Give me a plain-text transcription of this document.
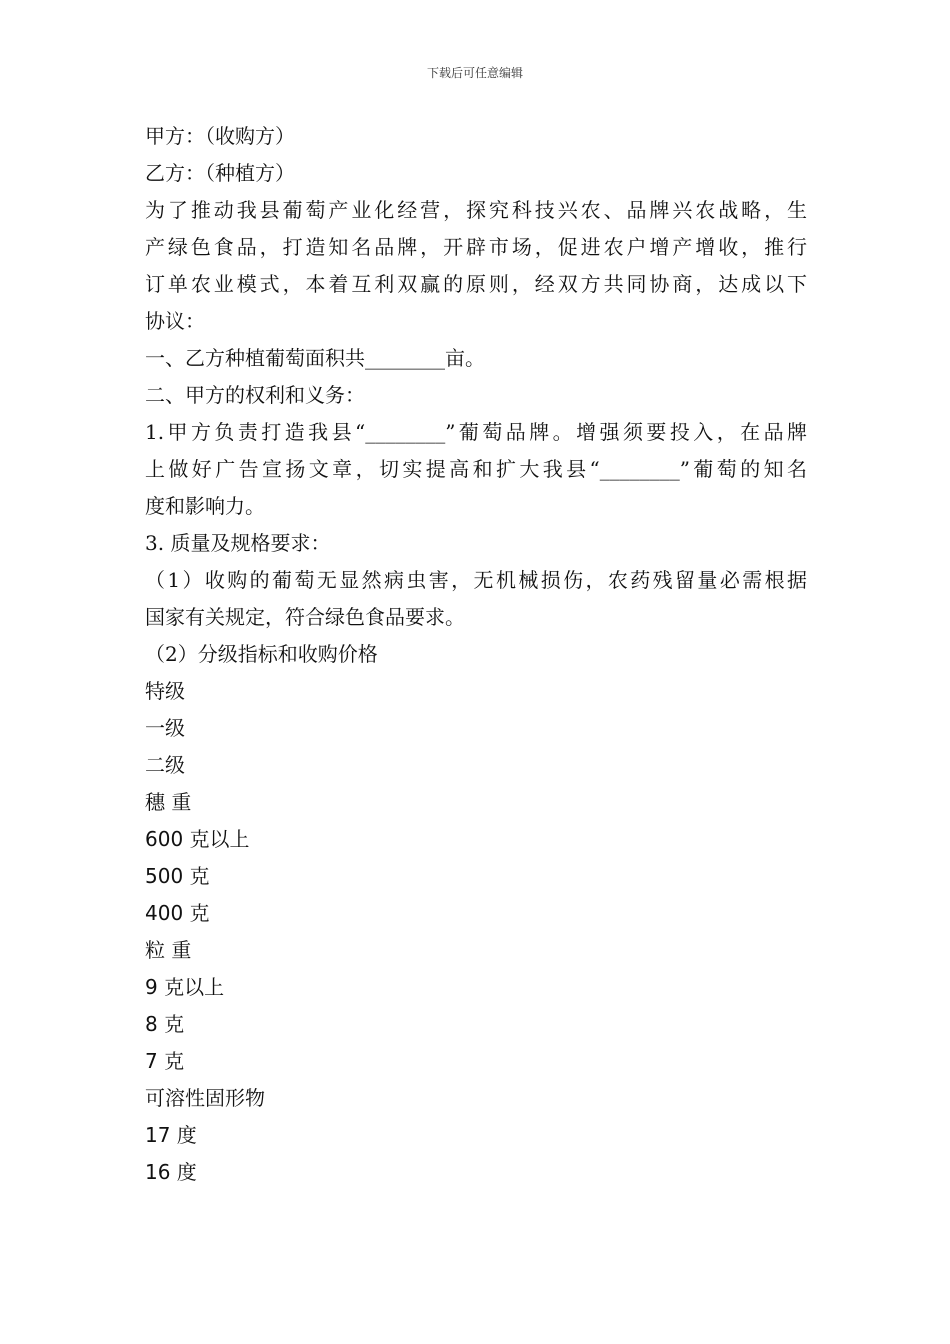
下载后可任意编辑
甲方：（收购方）
乙方：（种植方）
为了推动我县葡萄产业化经营，探究科技兴农、品牌兴农战略，生
产绿色食品，打造知名品牌，开辟市场，促进农户增产增收，推行
订单农业模式，本着互利双赢的原则，经双方共同协商，达成以下
协议：
一、乙方种植葡萄面积共________亩。
二、甲方的权利和义务：
1.甲方负责打造我县“________”葡萄品牌。增强须要投入，在品牌
上做好广告宣扬文章，切实提高和扩大我县“________”葡萄的知名
度和影响力。
3. 质量及规格要求：
（1）收购的葡萄无显然病虫害，无机械损伤，农药残留量必需根据
国家有关规定，符合绿色食品要求。
（2）分级指标和收购价格
特级
一级
二级
穗 重
600 克以上
500 克
400 克
粒 重
9 克以上
8 克
7 克
可溶性固形物
17 度
16 度
